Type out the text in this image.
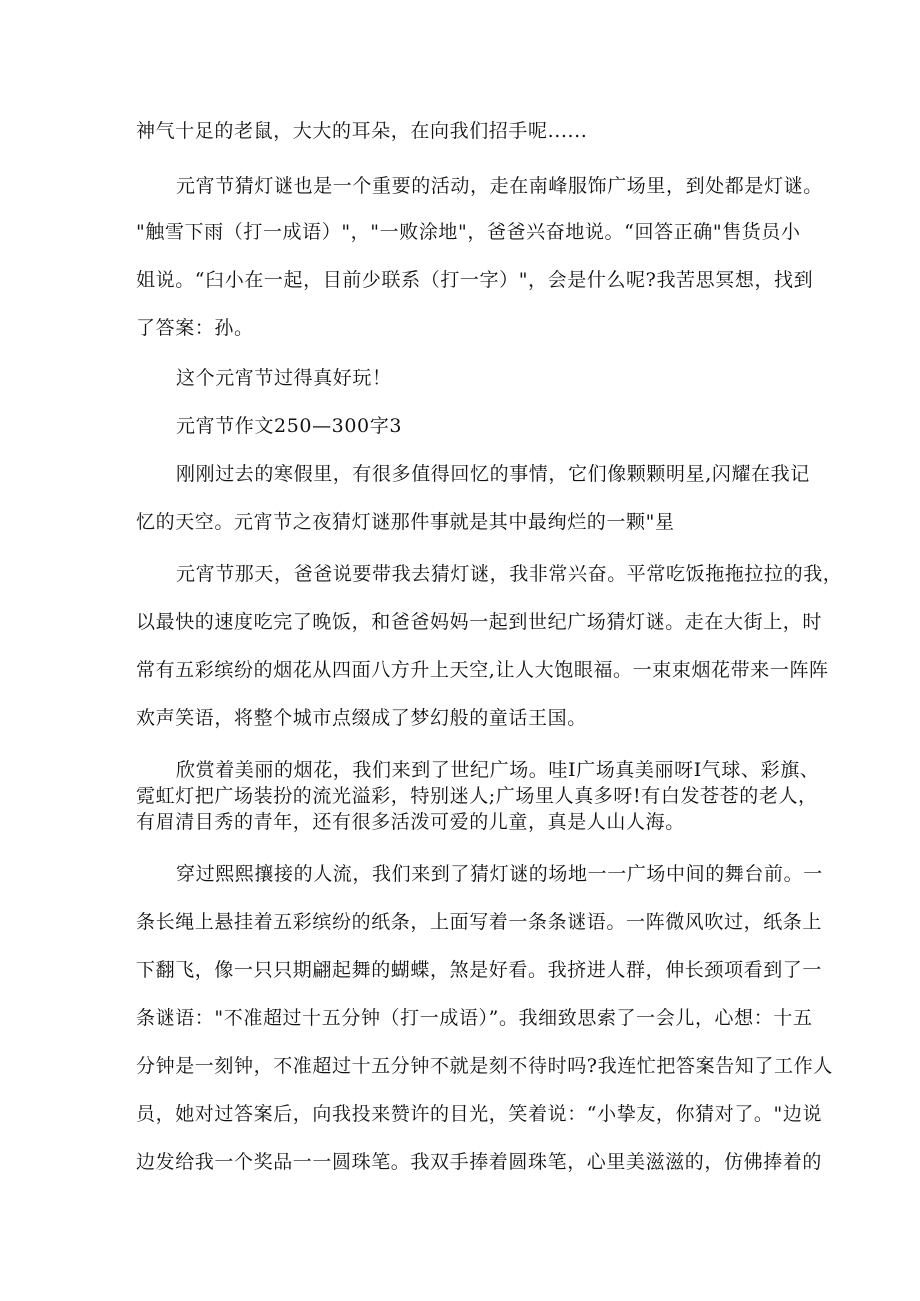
神气十足的老鼠，大大的耳朵，在向我们招手呢......
元宵节猜灯谜也是一个重要的活动，走在南峰服饰广场里，到处都是灯谜。
"触雪下雨（打一成语）"，"一败涂地"，爸爸兴奋地说。“回答正确"售货员小
姐说。“臼小在一起，目前少联系（打一字）"，会是什么呢?我苦思冥想，找到
了答案：孙。
这个元宵节过得真好玩！
元宵节作文250—300字3
刚刚过去的寒假里，有很多值得回忆的事情，它们像颗颗明星,闪耀在我记
忆的天空。元宵节之夜猜灯谜那件事就是其中最绚烂的一颗"星
元宵节那天，爸爸说要带我去猜灯谜，我非常兴奋。平常吃饭拖拖拉拉的我，
以最快的速度吃完了晚饭，和爸爸妈妈一起到世纪广场猜灯谜。走在大街上，时
常有五彩缤纷的烟花从四面八方升上天空,让人大饱眼福。一束束烟花带来一阵阵
欢声笑语，将整个城市点缀成了梦幻般的童话王国。
欣赏着美丽的烟花，我们来到了世纪广场。哇I广场真美丽呀I气球、彩旗、
霓虹灯把广场装扮的流光溢彩，特别迷人;广场里人真多呀!有白发苍苍的老人，
有眉清目秀的青年，还有很多活泼可爱的儿童，真是人山人海。
穿过熙熙攘接的人流，我们来到了猜灯谜的场地一一广场中间的舞台前。一
条长绳上悬挂着五彩缤纷的纸条，上面写着一条条谜语。一阵微风吹过，纸条上
下翻飞，像一只只期翩起舞的蝴蝶，煞是好看。我挤进人群，伸长颈项看到了一
条谜语："不准超过十五分钟（打一成语）”。我细致思索了一会儿，心想：十五
分钟是一刻钟，不准超过十五分钟不就是刻不待时吗?我连忙把答案告知了工作人
员，她对过答案后，向我投来赞许的目光，笑着说：“小挚友，你猜对了。"边说
边发给我一个奖品一一圆珠笔。我双手捧着圆珠笔，心里美滋滋的，仿佛捧着的
